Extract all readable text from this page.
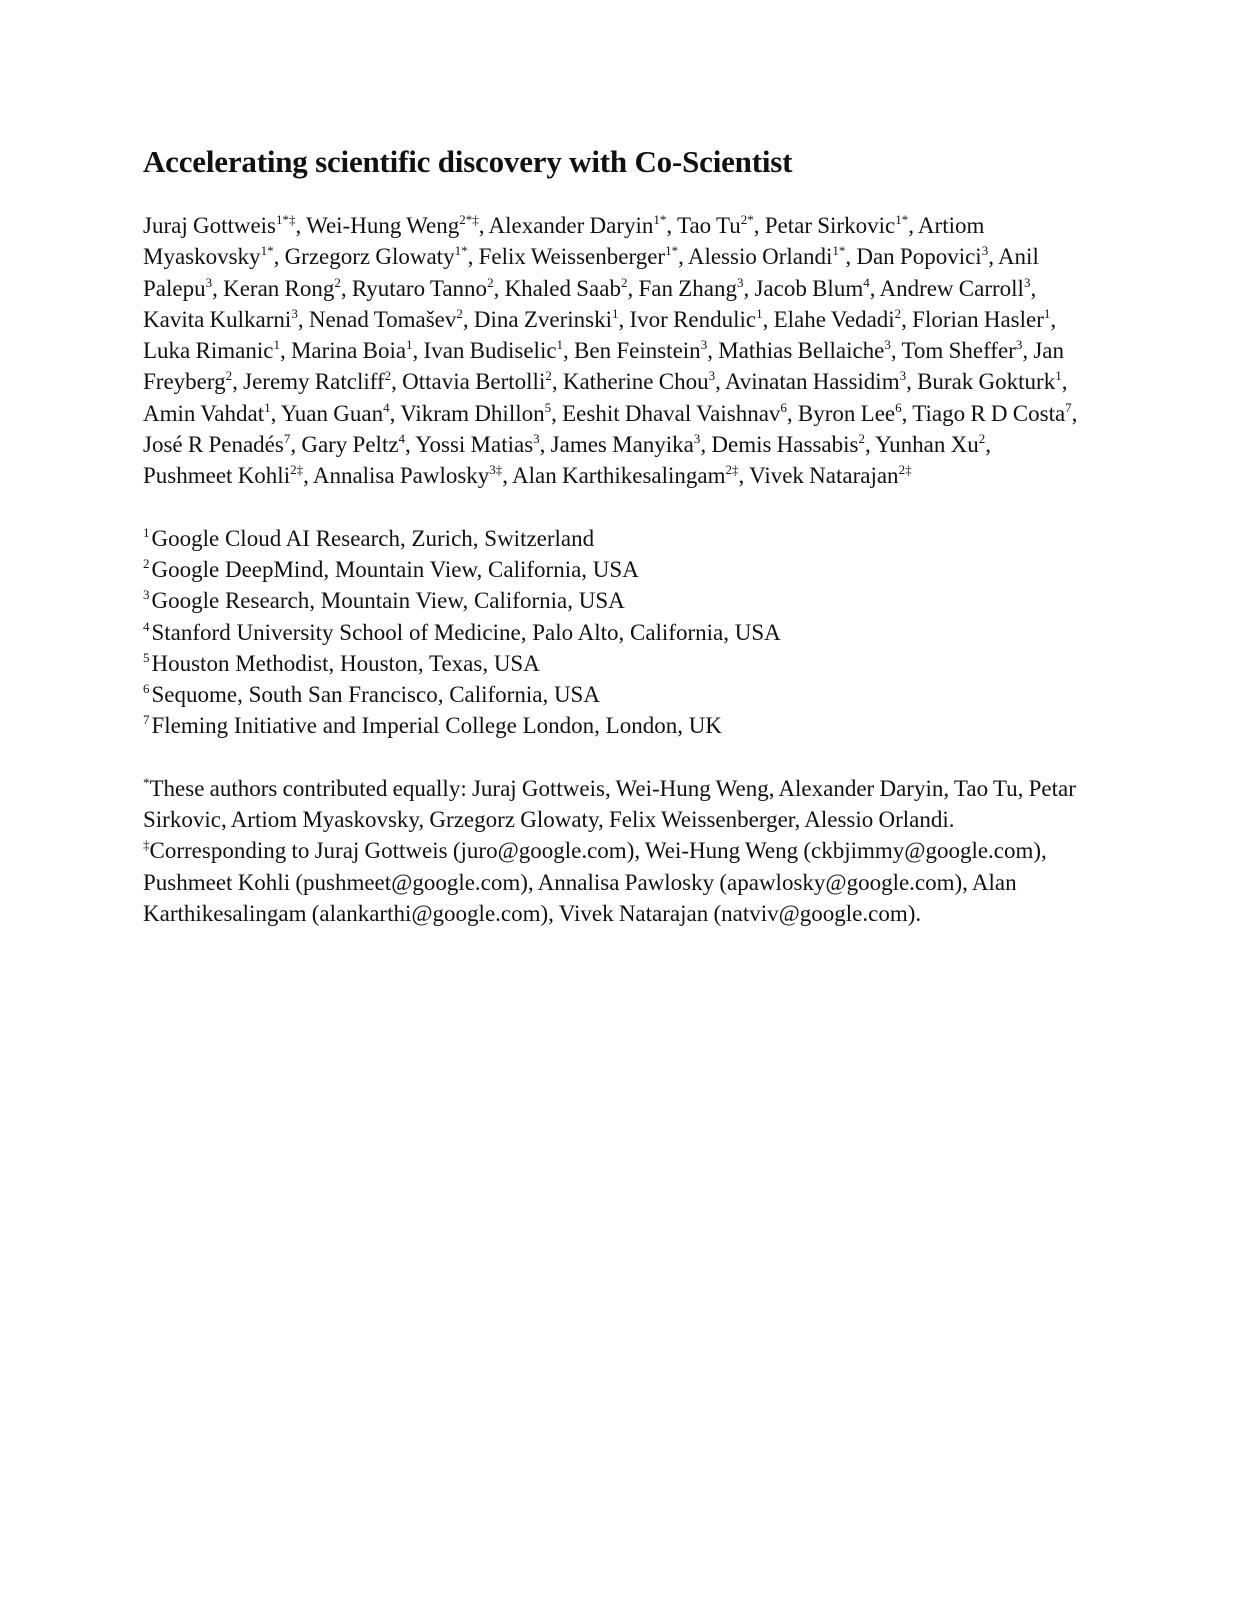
Accelerating scientific discovery with Co-Scientist

Juraj Gottweis$^{1*\ddagger}$, Wei-Hung Weng$^{2*\ddagger}$, Alexander Daryin$^{1*}$, Tao $Tu^{2*}$, Petar Sirkovic$^{1*}$, Artiom Myaskovsky$^{1*}$, Grzegorz Glowaty$^{1*}$, Felix Weissenberger$^{1*}$, Alessio Orlandi$^{1*}$, Dan Popovici$^3$, Anil Palepu$^3$, Keran Rong$^2$, Ryutaro Tanno$^2$, Khaled Saab$^2$, Fan Zhang$^3$, Jacob Blum$^4$, Andrew Carroll$^3$, Kavita Kulkarni$^3$, Nenad Tomašev$^2$, Dina Zverinski$^1$, Ivor Rendulic$^1$, Elahe Vedadi$^2$, Florian Hasler$^1$, Luka Rimanic$^1$, Marina Boia$^1$, Ivan Budiselic$^1$, Ben Feinstein$^3$, Mathias Bellaiche$^3$, Tom Sheffer$^3$, Jan Freyberg$^2$, Jeremy Ratcliff$^2$, Ottavia Bertolli$^2$, Katherine Chou$^3$, Avinatan Hassidim$^3$, Burak Gokturk$^1$, Amin Vahdat$^1$, Yuan Guan$^4$, Vikram Dhillon$^5$, Eeshit Dhaval Vaishnav$^6$, Byron Lee$^6$, Tiago R D Costa$^7$, José R Penadés$^7$, Gary Peltz$^4$, Yossi Matias$^3$, James Manyika$^3$, Demis Hassabis$^2$, Yunhan Xu$^2$, Pushmeet Kohli$^{2\ddagger}$, Annalisa Pawlosky$^{3\ddagger}$, Alan Karthikesalingam$^{2\ddagger}$, Vivek Natarajan$^{2\ddagger}$

$^1$Google Cloud AI Research, Zurich, Switzerland
$^2$Google DeepMind, Mountain View, California, USA
$^3$Google Research, Mountain View, California, USA
$^4$Stanford University School of Medicine, Palo Alto, California, USA
$^5$Houston Methodist, Houston, Texas, USA
$^6$Sequome, South San Francisco, California, USA
$^7$Fleming Initiative and Imperial College London, London, UK

*These authors contributed equally: Juraj Gottweis, Wei-Hung Weng, Alexander Daryin, Tao Tu, Petar Sirkovic, Artiom Myaskovsky, Grzegorz Glowaty, Felix Weissenberger, Alessio Orlandi.

‡Corresponding to Juraj Gottweis (juro@google.com), Wei-Hung Weng (ckbjimmy@google.com), Pushmeet Kohli (pushmeet@google.com), Annalisa Pawlosky (apawlosky@google.com), Alan Karthikesalingam (alankarthi@google.com), Vivek Natarajan (natviv@google.com).
